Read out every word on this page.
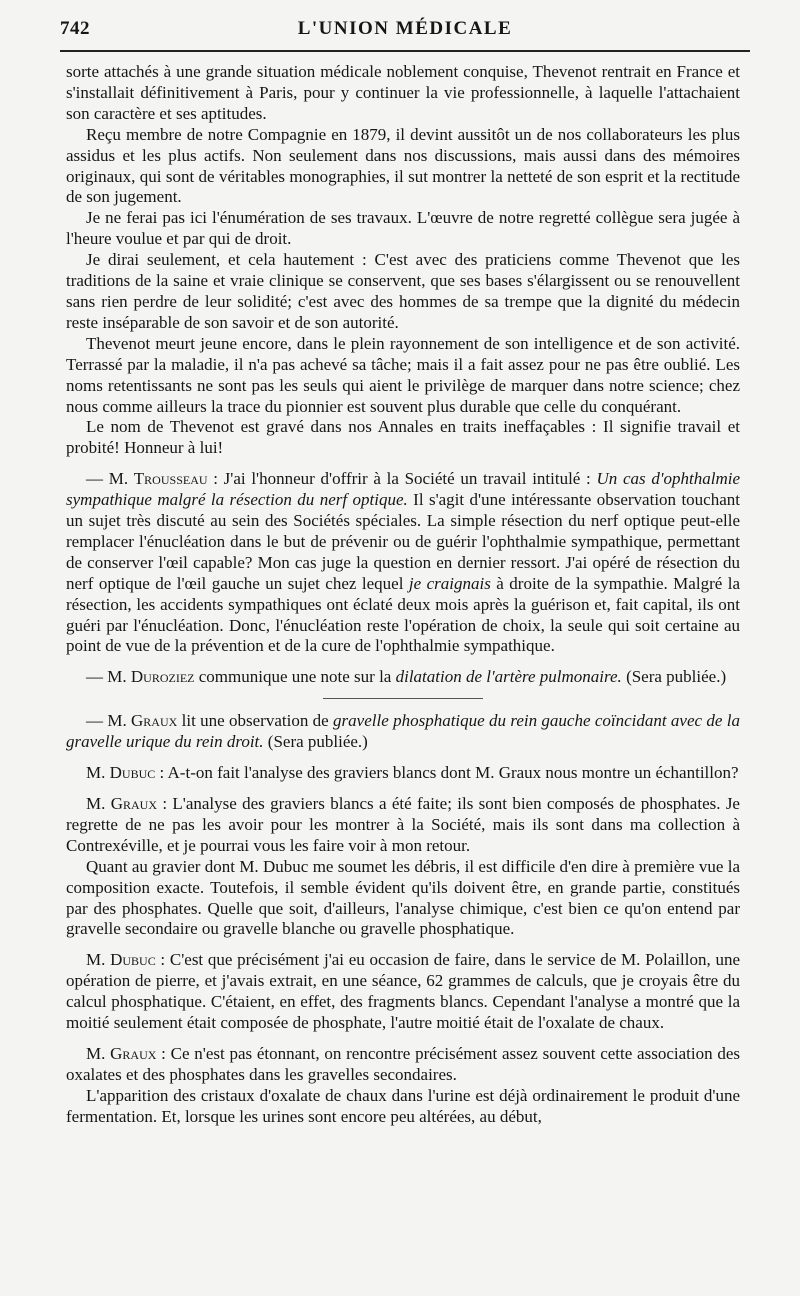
742	L'UNION MÉDICALE

sorte attachés à une grande situation médicale noblement conquise, Thevenot rentrait en France et s'installait définitivement à Paris, pour y continuer la vie professionnelle, à laquelle l'attachaient son caractère et ses aptitudes.

Reçu membre de notre Compagnie en 1879, il devint aussitôt un de nos collaborateurs les plus assidus et les plus actifs. Non seulement dans nos discussions, mais aussi dans des mémoires originaux, qui sont de véritables monographies, il sut montrer la netteté de son esprit et la rectitude de son jugement.

Je ne ferai pas ici l'énumération de ses travaux. L'œuvre de notre regretté collègue sera jugée à l'heure voulue et par qui de droit.

Je dirai seulement, et cela hautement : C'est avec des praticiens comme Thevenot que les traditions de la saine et vraie clinique se conservent, que ses bases s'élargissent ou se renouvellent sans rien perdre de leur solidité; c'est avec des hommes de sa trempe que la dignité du médecin reste inséparable de son savoir et de son autorité.

Thevenot meurt jeune encore, dans le plein rayonnement de son intelligence et de son activité. Terrassé par la maladie, il n'a pas achevé sa tâche; mais il a fait assez pour ne pas être oublié. Les noms retentissants ne sont pas les seuls qui aient le privilège de marquer dans notre science; chez nous comme ailleurs la trace du pionnier est souvent plus durable que celle du conquérant.

Le nom de Thevenot est gravé dans nos Annales en traits ineffaçables : Il signifie travail et probité! Honneur à lui!

— M. Trousseau : J'ai l'honneur d'offrir à la Société un travail intitulé : Un cas d'ophthalmie sympathique malgré la résection du nerf optique. Il s'agit d'une intéressante observation touchant un sujet très discuté au sein des Sociétés spéciales. La simple résection du nerf optique peut-elle remplacer l'énucléation dans le but de prévenir ou de guérir l'ophthalmie sympathique, permettant de conserver l'œil capable? Mon cas juge la question en dernier ressort. J'ai opéré de résection du nerf optique de l'œil gauche un sujet chez lequel je craignais à droite de la sympathie. Malgré la résection, les accidents sympathiques ont éclaté deux mois après la guérison et, fait capital, ils ont guéri par l'énucléation. Donc, l'énucléation reste l'opération de choix, la seule qui soit certaine au point de vue de la prévention et de la cure de l'ophthalmie sympathique.

— M. Duroziez communique une note sur la dilatation de l'artère pulmonaire. (Sera publiée.)

— M. Graux lit une observation de gravelle phosphatique du rein gauche coïncidant avec de la gravelle urique du rein droit. (Sera publiée.)

M. Dubuc : A-t-on fait l'analyse des graviers blancs dont M. Graux nous montre un échantillon?

M. Graux : L'analyse des graviers blancs a été faite; ils sont bien composés de phosphates. Je regrette de ne pas les avoir pour les montrer à la Société, mais ils sont dans ma collection à Contrexéville, et je pourrai vous les faire voir à mon retour.

Quant au gravier dont M. Dubuc me soumet les débris, il est difficile d'en dire à première vue la composition exacte. Toutefois, il semble évident qu'ils doivent être, en grande partie, constitués par des phosphates. Quelle que soit, d'ailleurs, l'analyse chimique, c'est bien ce qu'on entend par gravelle secondaire ou gravelle blanche ou gravelle phosphatique.

M. Dubuc : C'est que précisément j'ai eu occasion de faire, dans le service de M. Polaillon, une opération de pierre, et j'avais extrait, en une séance, 62 grammes de calculs, que je croyais être du calcul phosphatique. C'étaient, en effet, des fragments blancs. Cependant l'analyse a montré que la moitié seulement était composée de phosphate, l'autre moitié était de l'oxalate de chaux.

M. Graux : Ce n'est pas étonnant, on rencontre précisément assez souvent cette association des oxalates et des phosphates dans les gravelles secondaires.

L'apparition des cristaux d'oxalate de chaux dans l'urine est déjà ordinairement le produit d'une fermentation. Et, lorsque les urines sont encore peu altérées, au début,
